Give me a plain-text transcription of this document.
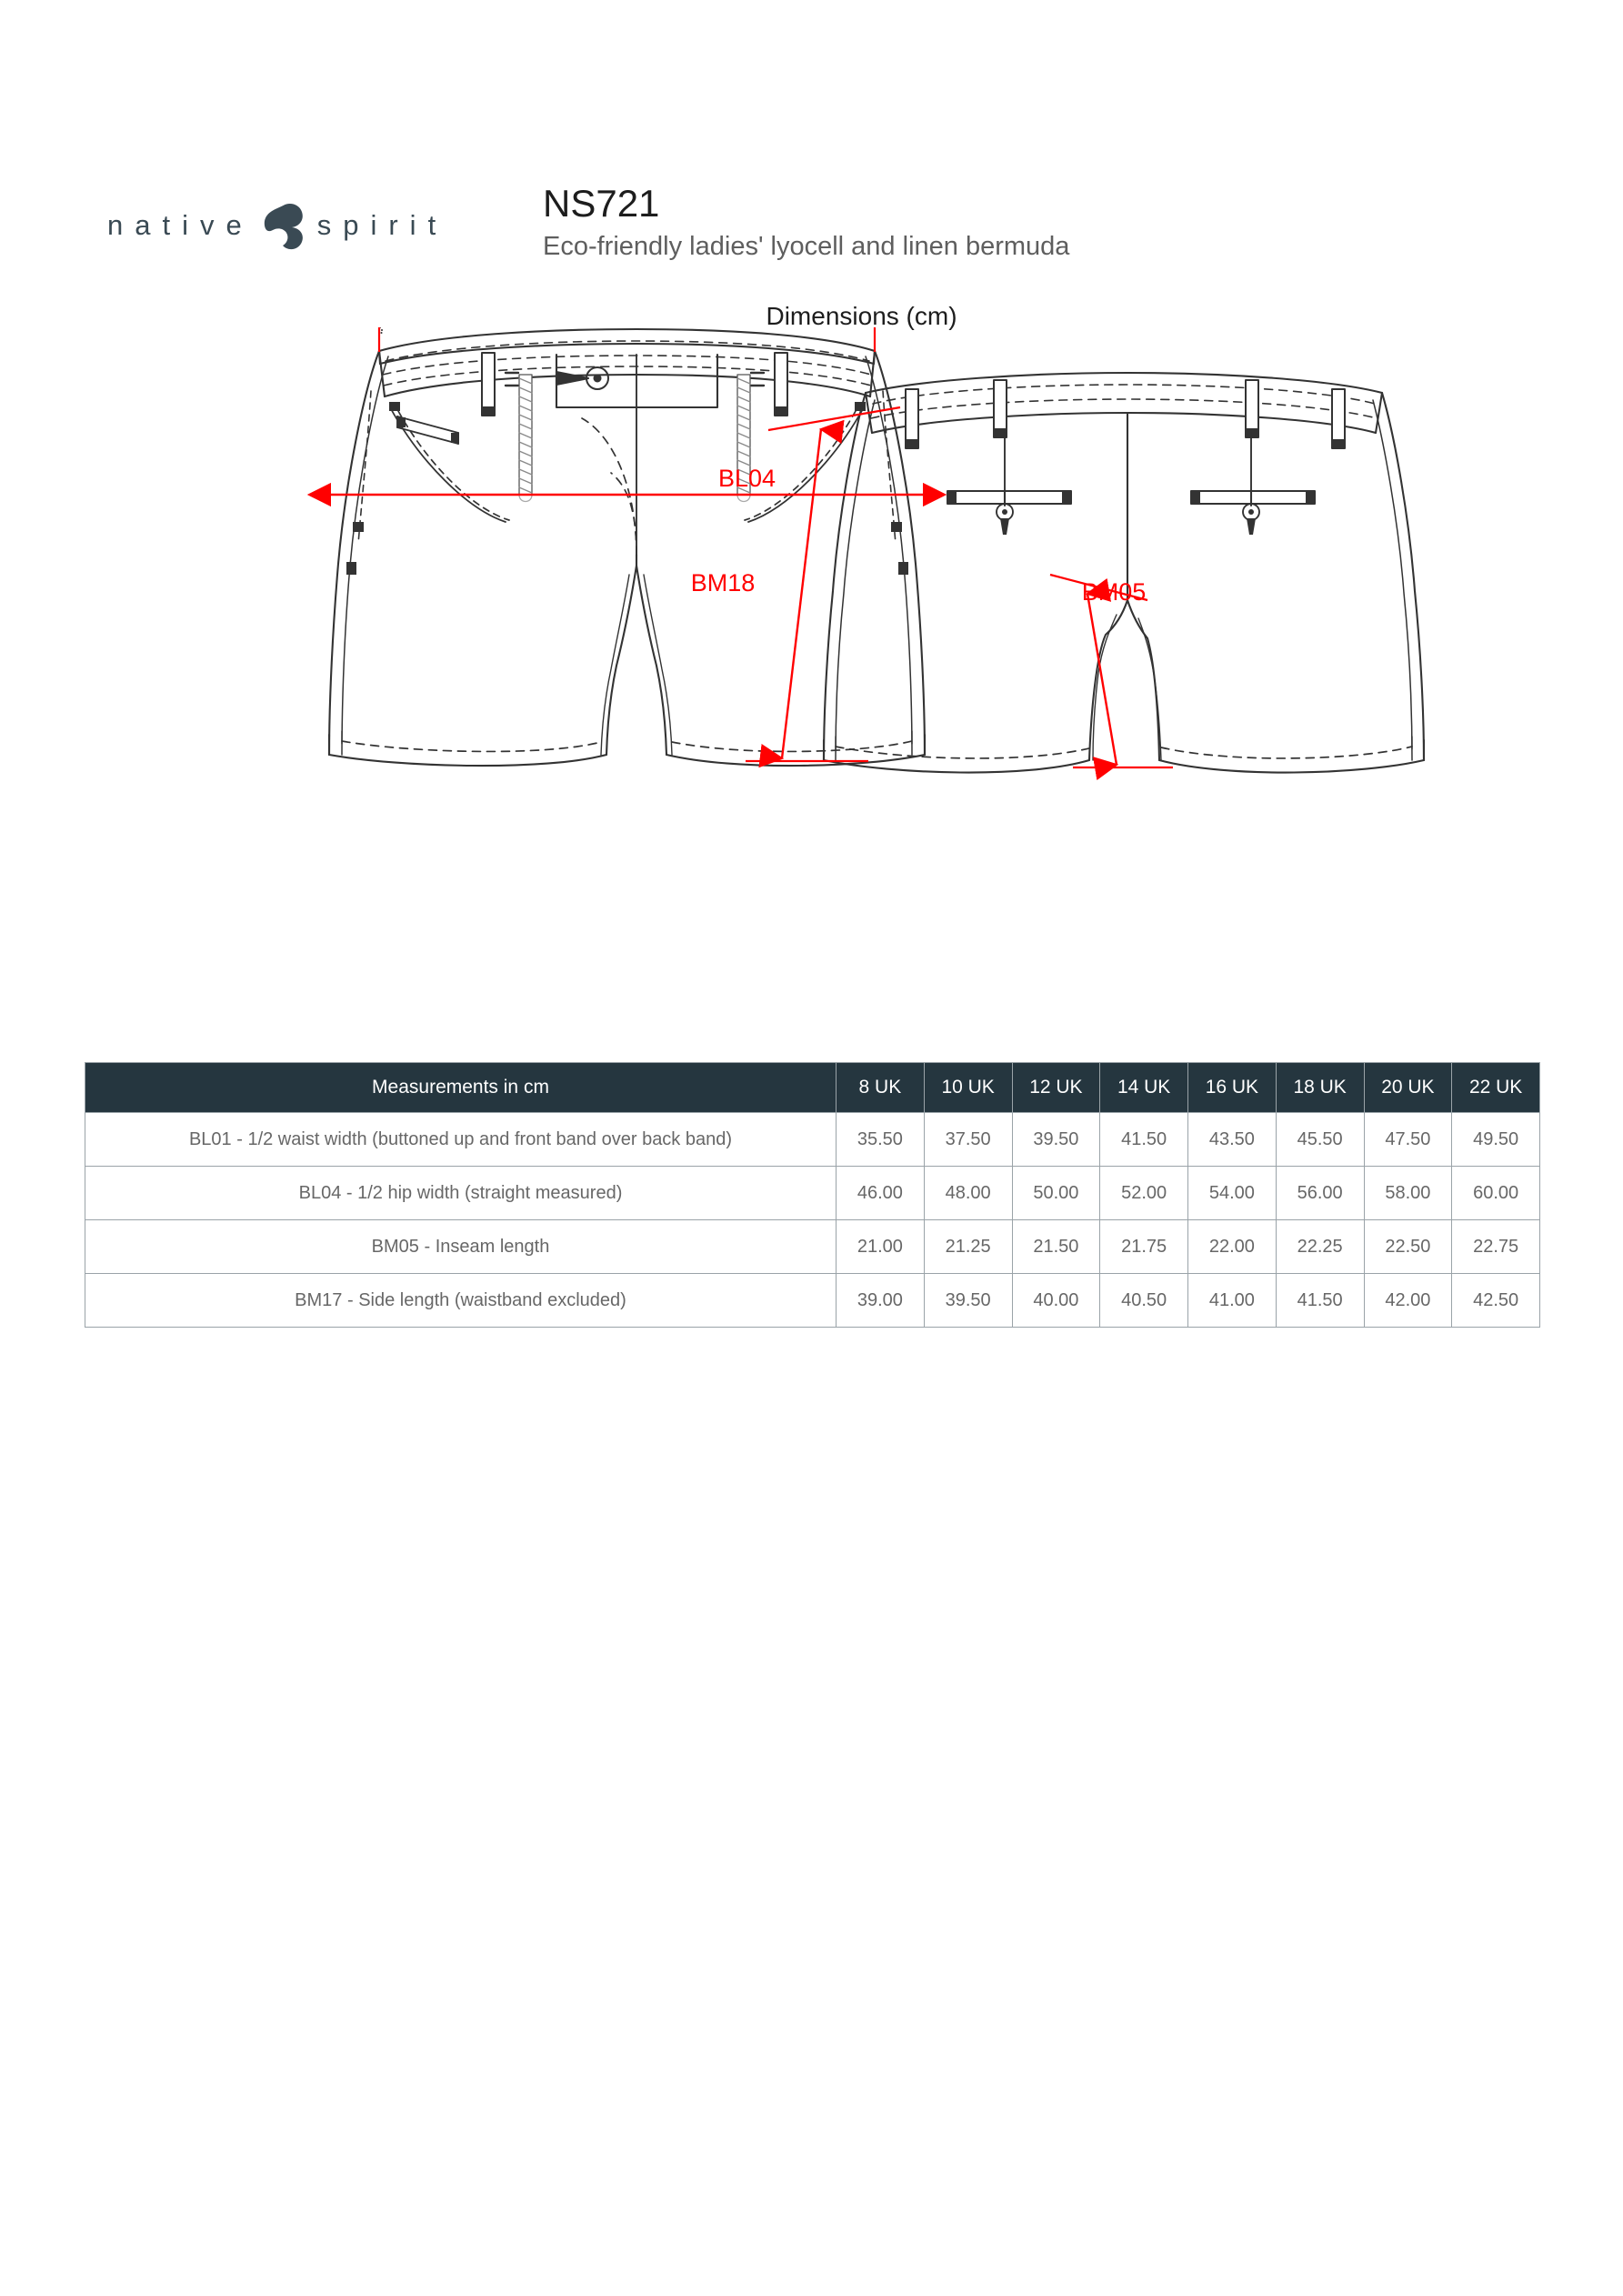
native spirit
NS721
Eco-friendly ladies' lyocell and linen bermuda
Dimensions (cm)
BL04
BM18	BM05
Measurements in cm	8 UK	10 UK	12 UK	14 UK	16 UK	18 UK	20 UK	22 UK
BL01 - 1/2 waist width (buttoned up and front band over back band)	35.50	37.50	39.50	41.50	43.50	45.50	47.50	49.50
BL04 - 1/2 hip width (straight measured)	46.00	48.00	50.00	52.00	54.00	56.00	58.00	60.00
BM05 - Inseam length	21.00	21.25	21.50	21.75	22.00	22.25	22.50	22.75
BM17 - Side length (waistband excluded)	39.00	39.50	40.00	40.50	41.00	41.50	42.00	42.50
